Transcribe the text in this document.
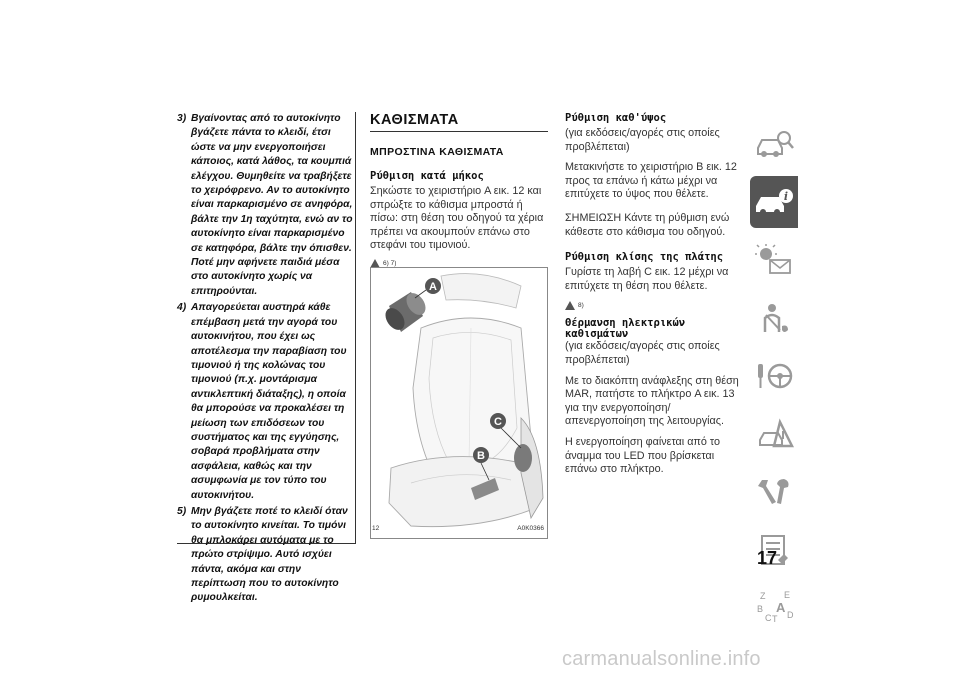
3) Βγαίνοντας από το αυτοκίνητο βγάζετε πάντα το κλειδί, έτσι ώστε να μην ενεργοποιήσει κάποιος, κατά λάθος, τα κουμπιά ελέγχου. Θυμηθείτε να τραβήξετε το χειρόφρενο. Αν το αυτοκίνητο είναι παρκαρισμένο σε ανηφόρα, βάλτε την 1η ταχύτητα, ενώ αν το αυτοκίνητο είναι παρκαρισμένο σε κατηφόρα, βάλτε την όπισθεν. Ποτέ μην αφήνετε παιδιά μέσα στο αυτοκίνητο χωρίς να επιτηρούνται.
4) Απαγορεύεται αυστηρά κάθε επέμβαση μετά την αγορά του αυτοκινήτου, που έχει ως αποτέλεσμα την παραβίαση του τιμονιού ή της κολώνας του τιμονιού (π.χ. μοντάρισμα αντικλεπτική διάταξης), η οποία θα μπορούσε να προκαλέσει τη μείωση των επιδόσεων του συστήματος και της εγγύησης, σοβαρά προβλήματα στην ασφάλεια, καθώς και την ασυμφωνία με τον τύπο του αυτοκινήτου.
5) Μην βγάζετε ποτέ το κλειδί όταν το αυτοκίνητο κινείται. Το τιμόνι θα μπλοκάρει αυτόματα με το πρώτο στρίψιμο. Αυτό ισχύει πάντα, ακόμα και στην περίπτωση που το αυτοκίνητο ρυμουλκείται.
ΚΑΘΙΣΜΑΤΑ
ΜΠΡΟΣΤΙΝΑ ΚΑΘΙΣΜΑΤΑ
Ρύθμιση κατά μήκος
Σηκώστε το χειριστήριο A εικ. 12 και σπρώξτε το κάθισμα μπροστά ή πίσω: στη θέση του οδηγού τα χέρια πρέπει να ακουμπούν επάνω στο στεφάνι του τιμονιού.
6) 7)
A
B
C
12	A0K0366
Ρύθμιση καθ'ύψος
(για εκδόσεις/αγορές στις οποίες προβλέπεται)
Μετακινήστε το χειριστήριο B εικ. 12 προς τα επάνω ή κάτω μέχρι να επιτύχετε το ύψος που θέλετε.
ΣΗΜΕΙΩΣΗ Κάντε τη ρύθμιση ενώ κάθεστε στο κάθισμα του οδηγού.
Ρύθμιση κλίσης της πλάτης
Γυρίστε τη λαβή C εικ. 12 μέχρι να επιτύχετε τη θέση που θέλετε.
8)
Θέρμανση ηλεκτρικών καθισμάτων
(για εκδόσεις/αγορές στις οποίες προβλέπεται)
Με το διακόπτη ανάφλεξης στη θέση MAR, πατήστε το πλήκτρο A εικ. 13 για την ενεργοποίηση/απενεργοποίηση της λειτουργίας.
Η ενεργοποίηση φαίνεται από το άναμμα του LED που βρίσκεται επάνω στο πλήκτρο.
i
Z E
B A
C T D
17
carmanualsonline.info
